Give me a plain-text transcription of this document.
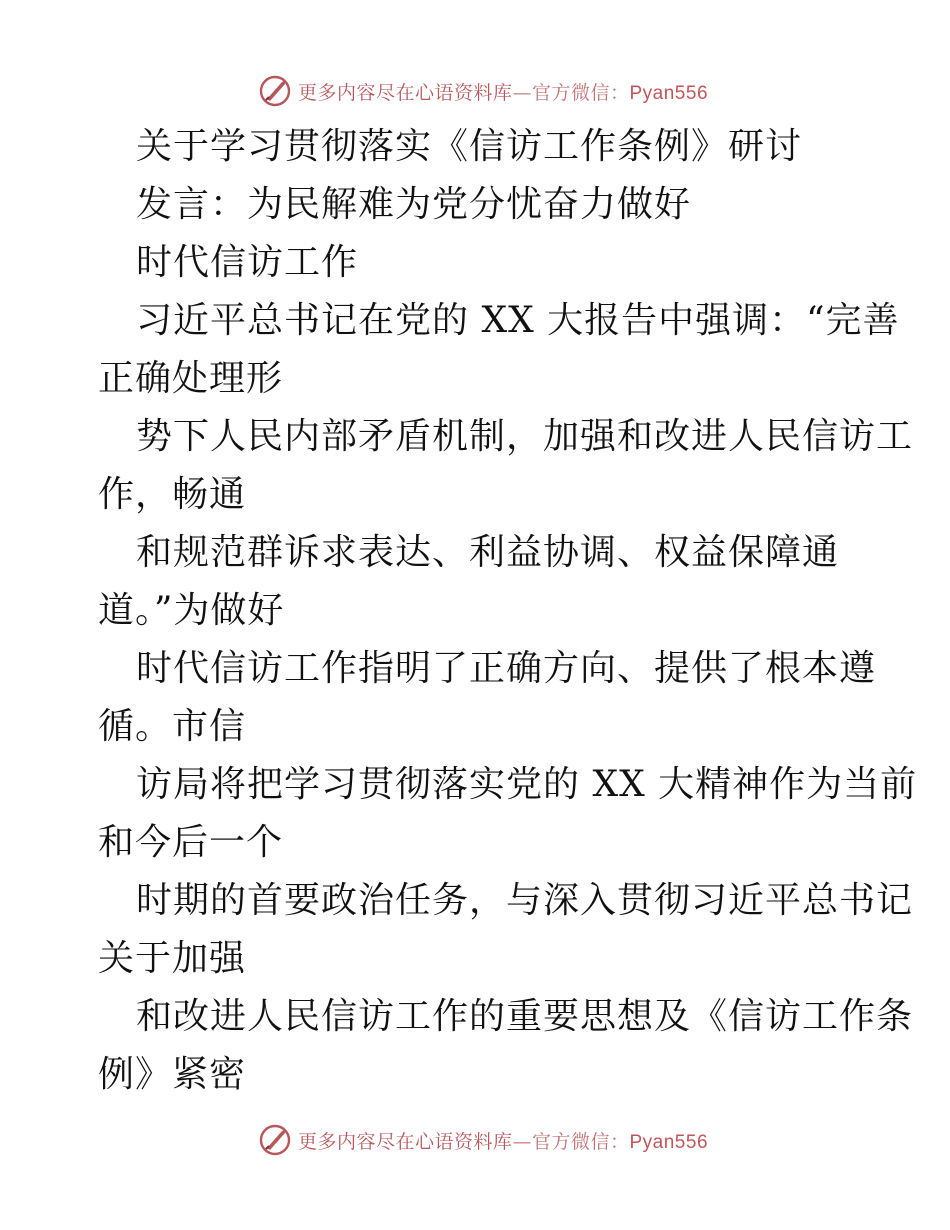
更多内容尽在心语资料库—官方微信：Pyan556
关于学习贯彻落实《信访工作条例》研讨
发言：为民解难为党分忧奋力做好
时代信访工作
习近平总书记在党的 XX 大报告中强调：“完善
正确处理形
势下人民内部矛盾机制，加强和改进人民信访工
作，畅通
和规范群诉求表达、利益协调、权益保障通
道。”为做好
时代信访工作指明了正确方向、提供了根本遵
循。市信
访局将把学习贯彻落实党的 XX 大精神作为当前
和今后一个
时期的首要政治任务，与深入贯彻习近平总书记
关于加强
和改进人民信访工作的重要思想及《信访工作条
例》紧密
更多内容尽在心语资料库—官方微信：Pyan556
